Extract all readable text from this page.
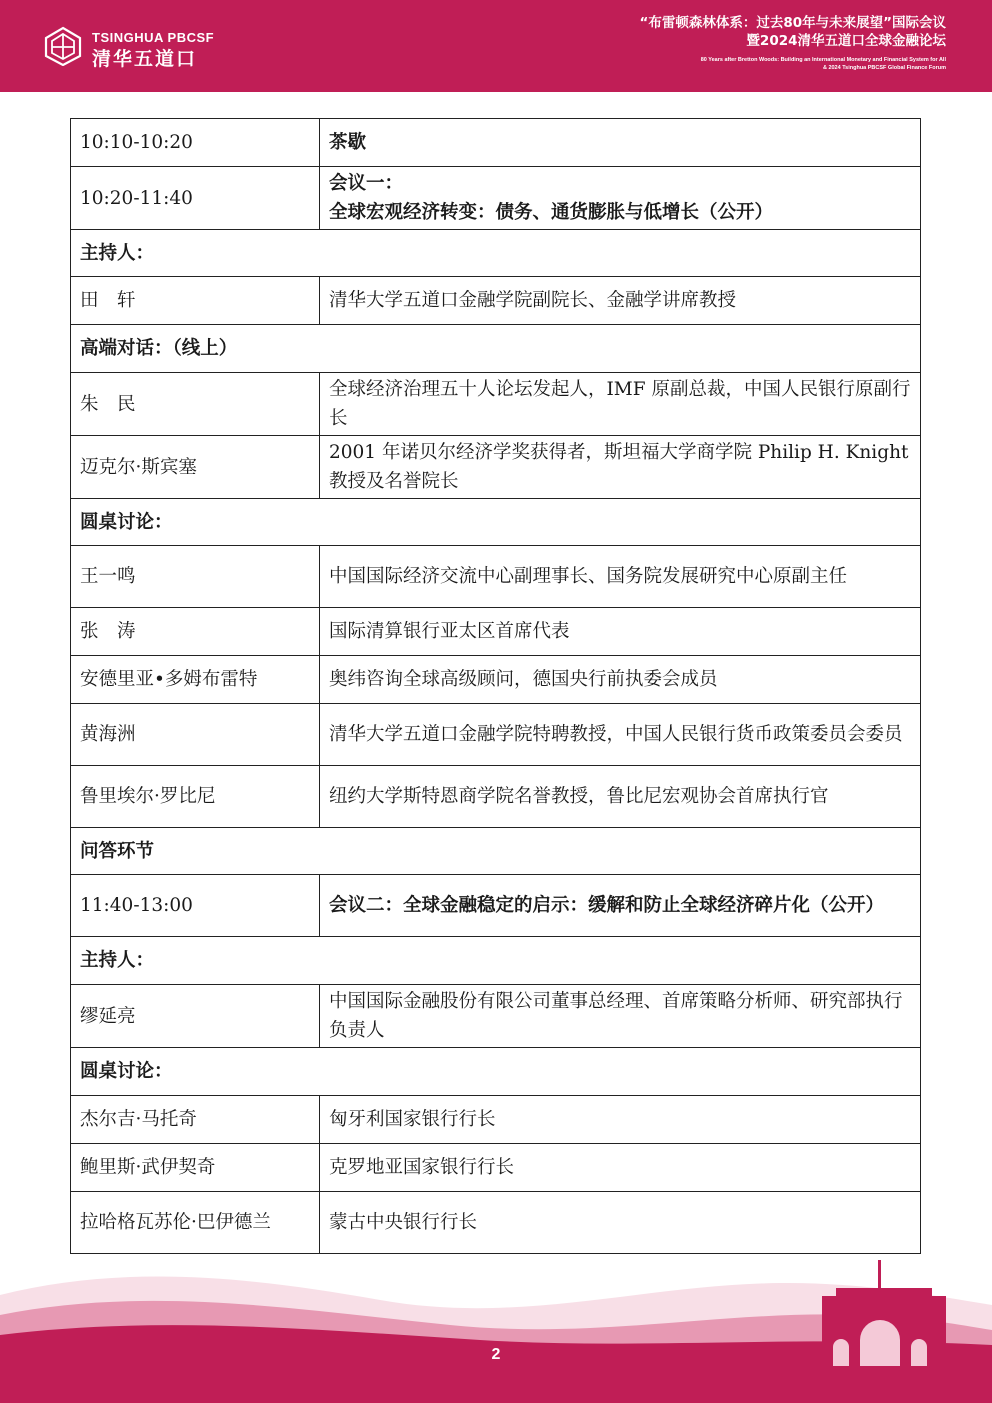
TSINGHUA PBCSF
清华五道口
“布雷顿森林体系：过去80年与未来展望”国际会议
暨2024清华五道口全球金融论坛
80 Years after Bretton Woods: Building an International Monetary and Financial System for All
& 2024 Tsinghua PBCSF Global Finance Forum
10:10-10:20	茶歇
10:20-11:40	会议一：
全球宏观经济转变：债务、通货膨胀与低增长（公开）
主持人：	
田　轩	清华大学五道口金融学院副院长、金融学讲席教授
高端对话：（线上）	
朱　民	全球经济治理五十人论坛发起人，IMF 原副总裁，中国人民银行原副行长
迈克尔·斯宾塞	2001 年诺贝尔经济学奖获得者，斯坦福大学商学院 Philip H. Knight 教授及名誉院长
圆桌讨论：	
王一鸣	中国国际经济交流中心副理事长、国务院发展研究中心原副主任
张　涛	国际清算银行亚太区首席代表
安德里亚•多姆布雷特	奥纬咨询全球高级顾问，德国央行前执委会成员
黄海洲	清华大学五道口金融学院特聘教授，中国人民银行货币政策委员会委员
鲁里埃尔·罗比尼	纽约大学斯特恩商学院名誉教授，鲁比尼宏观协会首席执行官
问答环节	
11:40-13:00	会议二：全球金融稳定的启示：缓解和防止全球经济碎片化（公开）
主持人：	
缪延亮	中国国际金融股份有限公司董事总经理、首席策略分析师、研究部执行负责人
圆桌讨论：	
杰尔吉·马托奇	匈牙利国家银行行长
鲍里斯·武伊契奇	克罗地亚国家银行行长
拉哈格瓦苏伦·巴伊德兰	蒙古中央银行行长
2
